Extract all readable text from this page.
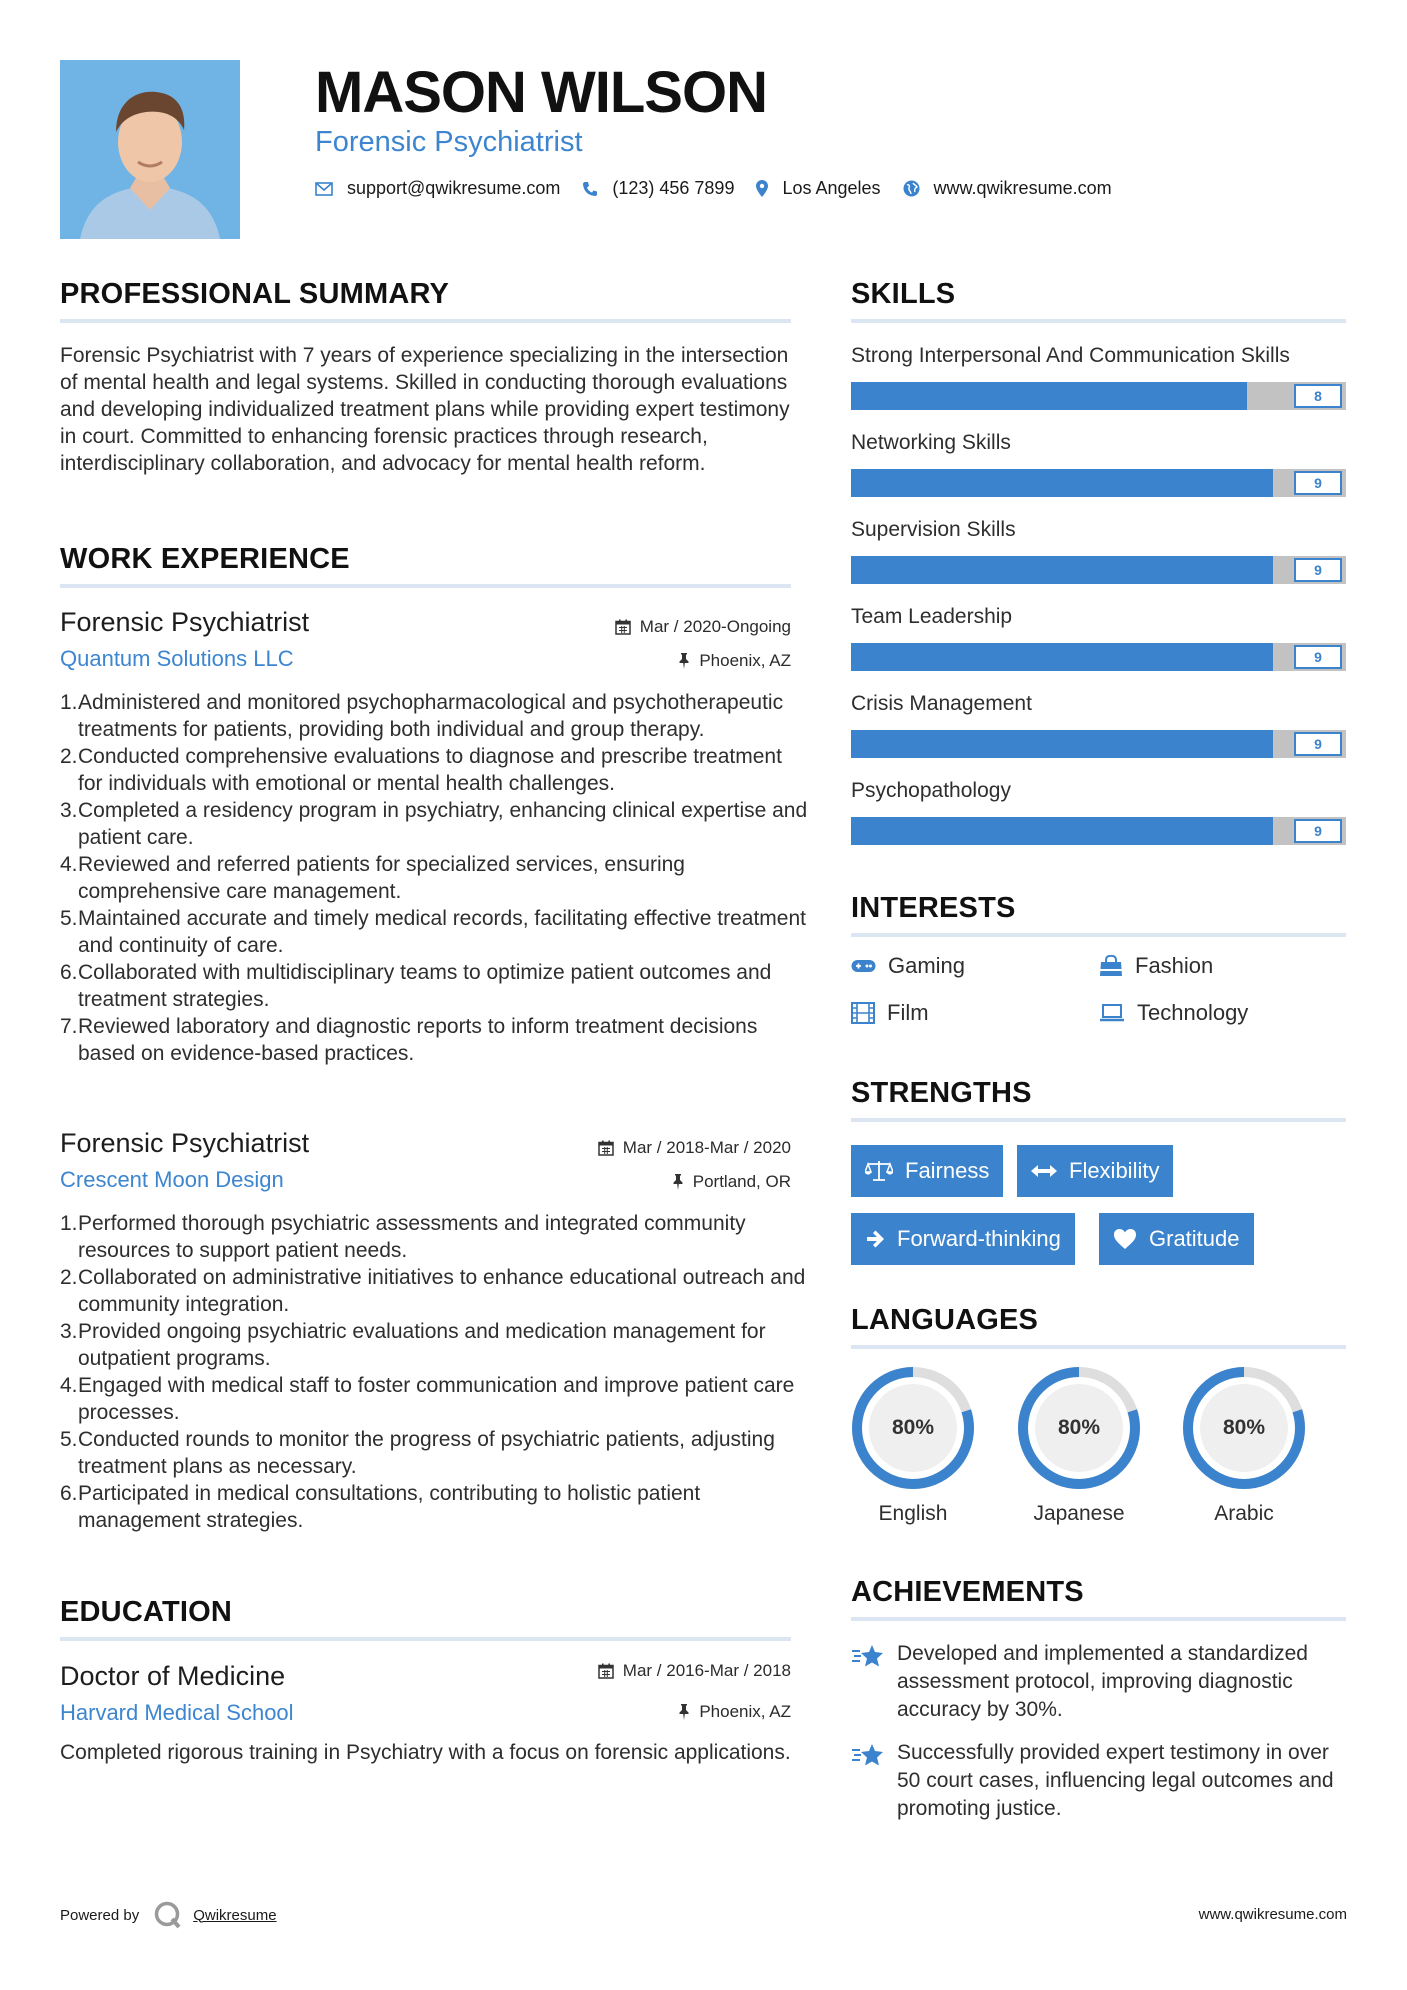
MASON WILSON
Forensic Psychiatrist
support@qwikresume.com	(123) 456 7899	Los Angeles	www.qwikresume.com
PROFESSIONAL SUMMARY
Forensic Psychiatrist with 7 years of experience specializing in the intersection of mental health and legal systems. Skilled in conducting thorough evaluations and developing individualized treatment plans while providing expert testimony in court. Committed to enhancing forensic practices through research, interdisciplinary collaboration, and advocacy for mental health reform.
WORK EXPERIENCE
Forensic Psychiatrist	Mar / 2020-Ongoing
Quantum Solutions LLC	Phoenix, AZ
1. Administered and monitored psychopharmacological and psychotherapeutic treatments for patients, providing both individual and group therapy.
2. Conducted comprehensive evaluations to diagnose and prescribe treatment for individuals with emotional or mental health challenges.
3. Completed a residency program in psychiatry, enhancing clinical expertise and patient care.
4. Reviewed and referred patients for specialized services, ensuring comprehensive care management.
5. Maintained accurate and timely medical records, facilitating effective treatment and continuity of care.
6. Collaborated with multidisciplinary teams to optimize patient outcomes and treatment strategies.
7. Reviewed laboratory and diagnostic reports to inform treatment decisions based on evidence-based practices.
Forensic Psychiatrist	Mar / 2018-Mar / 2020
Crescent Moon Design	Portland, OR
1. Performed thorough psychiatric assessments and integrated community resources to support patient needs.
2. Collaborated on administrative initiatives to enhance educational outreach and community integration.
3. Provided ongoing psychiatric evaluations and medication management for outpatient programs.
4. Engaged with medical staff to foster communication and improve patient care processes.
5. Conducted rounds to monitor the progress of psychiatric patients, adjusting treatment plans as necessary.
6. Participated in medical consultations, contributing to holistic patient management strategies.
EDUCATION
Doctor of Medicine	Mar / 2016-Mar / 2018
Harvard Medical School	Phoenix, AZ
Completed rigorous training in Psychiatry with a focus on forensic applications.
SKILLS
Strong Interpersonal And Communication Skills
8
Networking Skills
9
Supervision Skills
9
Team Leadership
9
Crisis Management
9
Psychopathology
9
INTERESTS
Gaming	Fashion
Film	Technology
STRENGTHS
Fairness	Flexibility
Forward-thinking	Gratitude
LANGUAGES
80%
English
80%
Japanese
80%
Arabic
ACHIEVEMENTS
Developed and implemented a standardized assessment protocol, improving diagnostic accuracy by 30%.
Successfully provided expert testimony in over 50 court cases, influencing legal outcomes and promoting justice.
Powered by	Qwikresume	www.qwikresume.com
